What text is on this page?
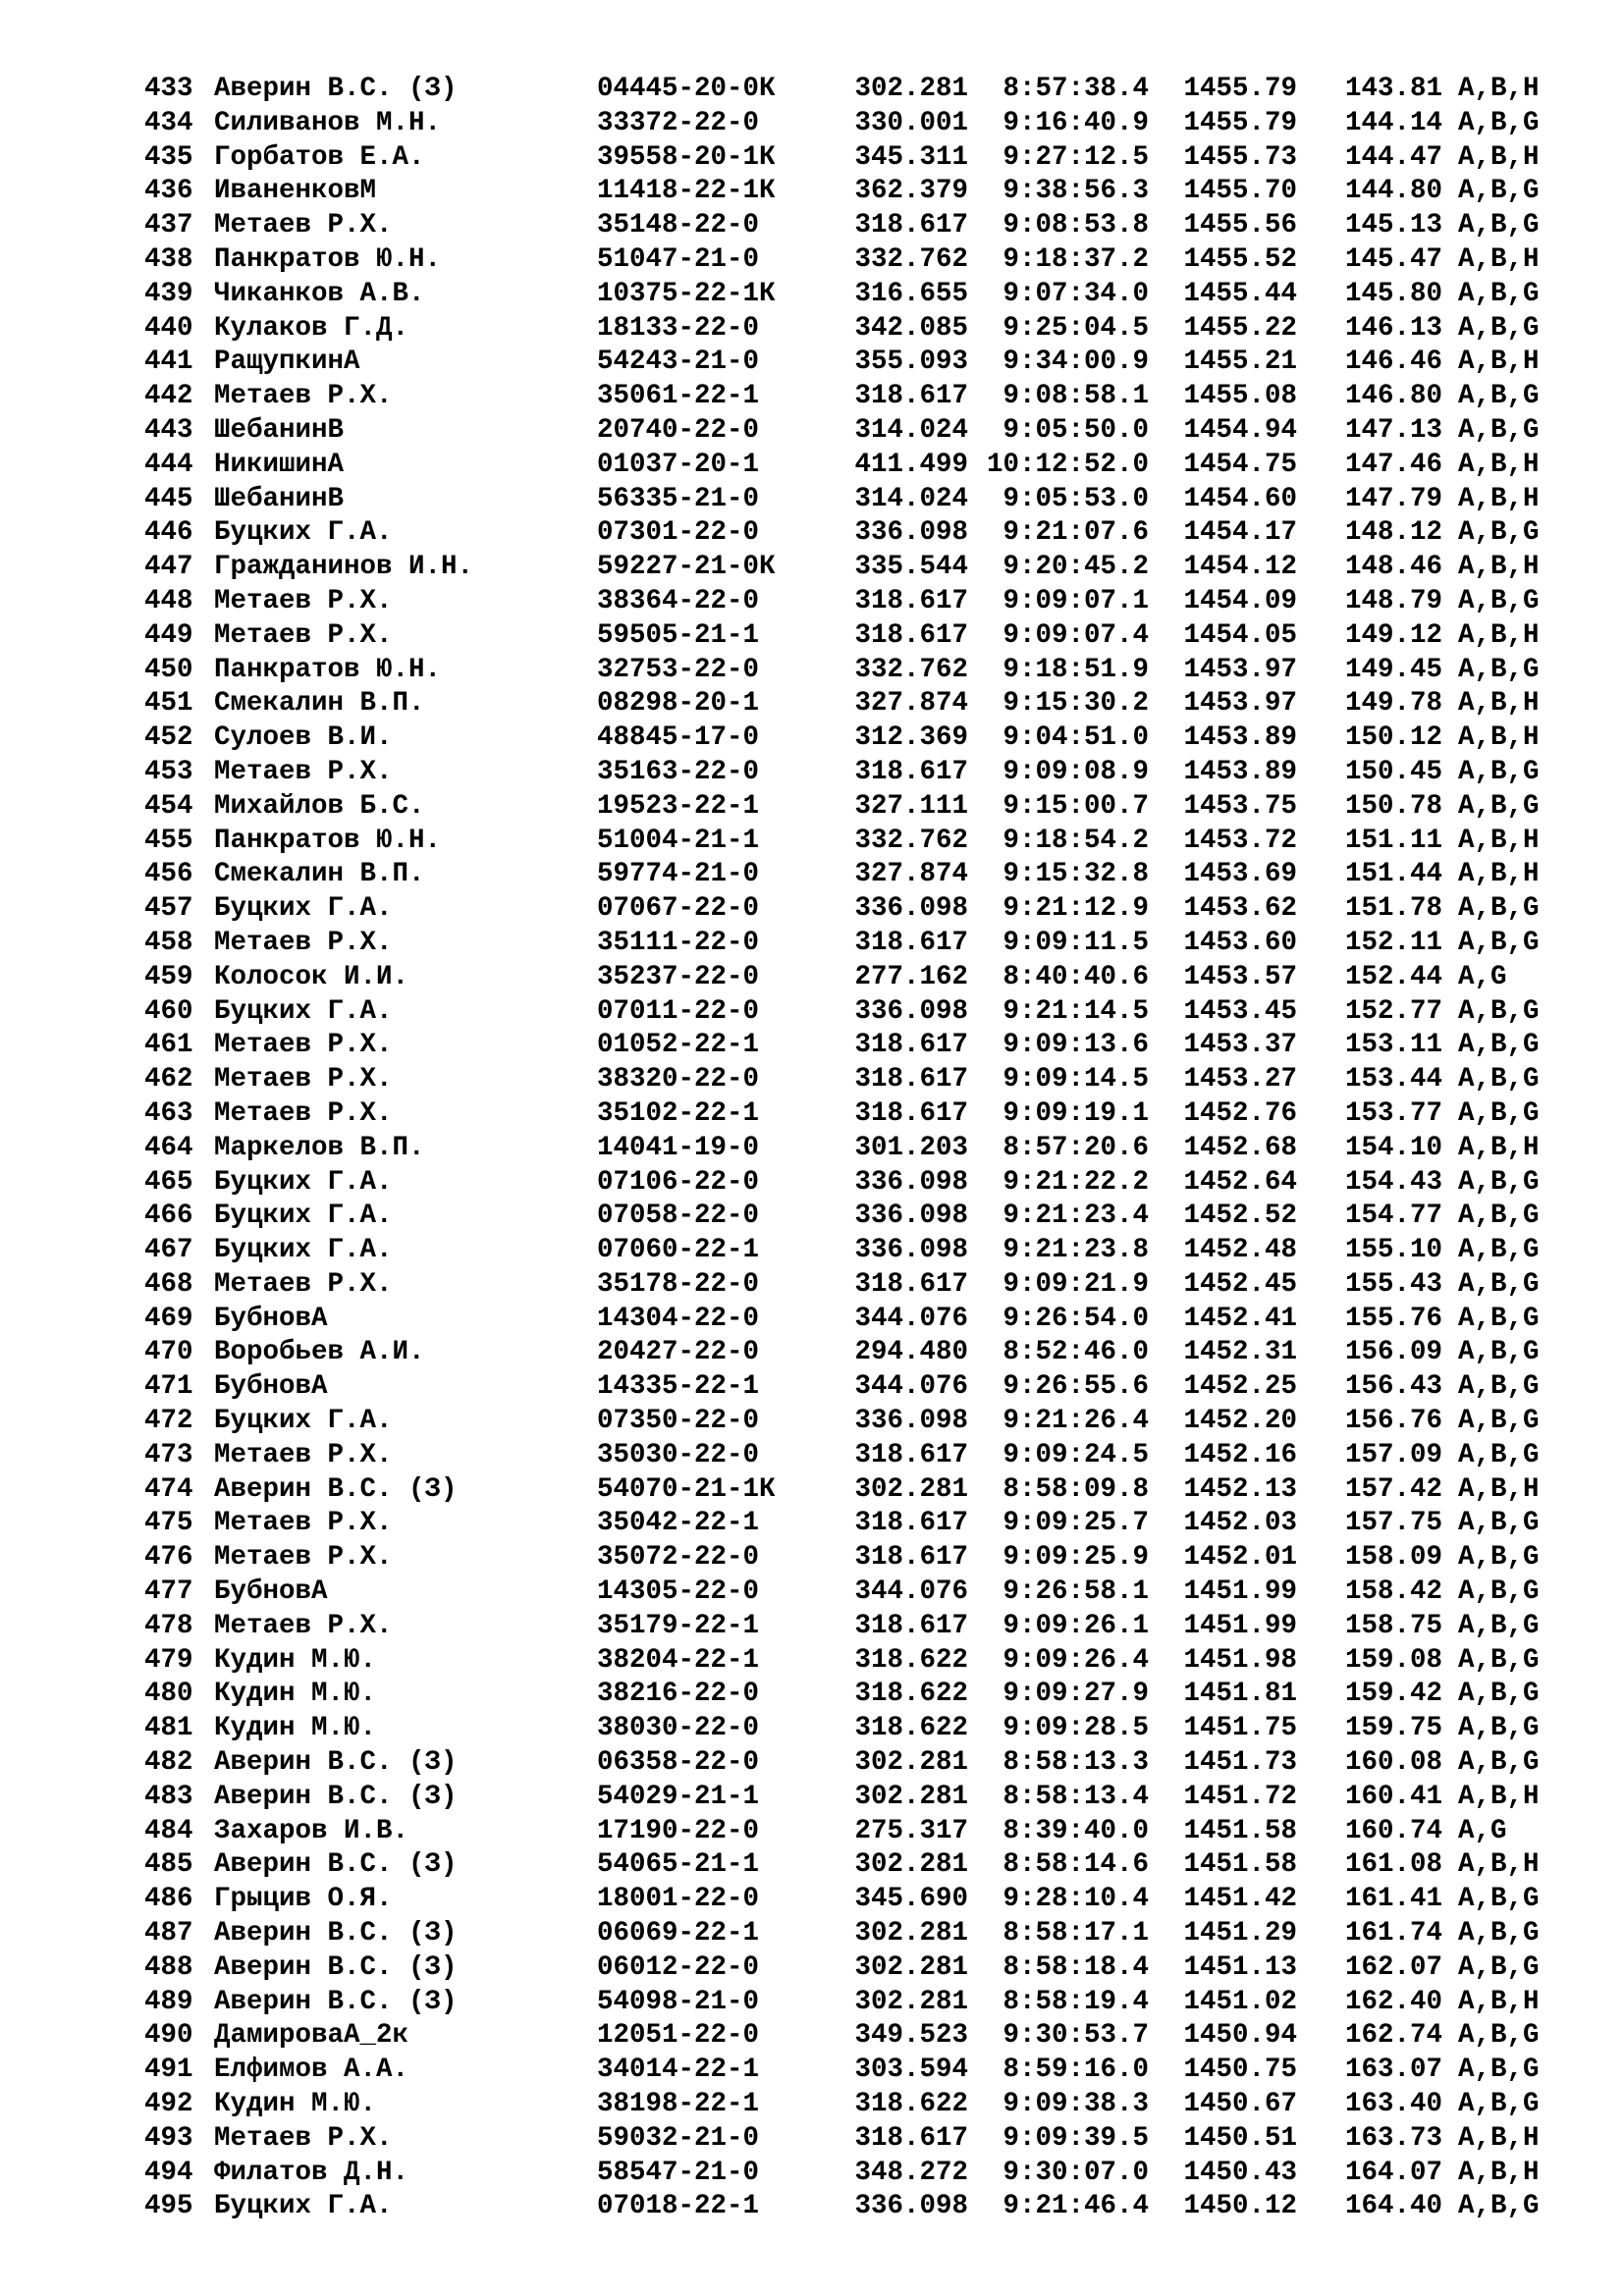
433 Аверин В.С. (З)	04445-20-0К	302.281 8:57:38.4 1455.79 143.81 A,B,H
434 Силиванов М.Н.	33372-22-0	330.001 9:16:40.9 1455.79 144.14 A,B,G
435 Горбатов Е.А.	39558-20-1К	345.311 9:27:12.5 1455.73 144.47 A,B,H
436 ИваненковМ	11418-22-1К	362.379 9:38:56.3 1455.70 144.80 A,B,G
437 Метаев Р.Х.	35148-22-0	318.617 9:08:53.8 1455.56 145.13 A,B,G
438 Панкратов Ю.Н.	51047-21-0	332.762 9:18:37.2 1455.52 145.47 A,B,H
439 Чиканков А.В.	10375-22-1К	316.655 9:07:34.0 1455.44 145.80 A,B,G
440 Кулаков Г.Д.	18133-22-0	342.085 9:25:04.5 1455.22 146.13 A,B,G
441 РащупкинА	54243-21-0	355.093 9:34:00.9 1455.21 146.46 A,B,H
442 Метаев Р.Х.	35061-22-1	318.617 9:08:58.1 1455.08 146.80 A,B,G
443 ШебанинВ	20740-22-0	314.024 9:05:50.0 1454.94 147.13 A,B,G
444 НикишинА	01037-20-1	411.499 10:12:52.0 1454.75 147.46 A,B,H
445 ШебанинВ	56335-21-0	314.024 9:05:53.0 1454.60 147.79 A,B,H
446 Буцких Г.А.	07301-22-0	336.098 9:21:07.6 1454.17 148.12 A,B,G
447 Гражданинов И.Н.	59227-21-0К	335.544 9:20:45.2 1454.12 148.46 A,B,H
448 Метаев Р.Х.	38364-22-0	318.617 9:09:07.1 1454.09 148.79 A,B,G
449 Метаев Р.Х.	59505-21-1	318.617 9:09:07.4 1454.05 149.12 A,B,H
450 Панкратов Ю.Н.	32753-22-0	332.762 9:18:51.9 1453.97 149.45 A,B,G
451 Смекалин В.П.	08298-20-1	327.874 9:15:30.2 1453.97 149.78 A,B,H
452 Сулоев В.И.	48845-17-0	312.369 9:04:51.0 1453.89 150.12 A,B,H
453 Метаев Р.Х.	35163-22-0	318.617 9:09:08.9 1453.89 150.45 A,B,G
454 Михайлов Б.С.	19523-22-1	327.111 9:15:00.7 1453.75 150.78 A,B,G
455 Панкратов Ю.Н.	51004-21-1	332.762 9:18:54.2 1453.72 151.11 A,B,H
456 Смекалин В.П.	59774-21-0	327.874 9:15:32.8 1453.69 151.44 A,B,H
457 Буцких Г.А.	07067-22-0	336.098 9:21:12.9 1453.62 151.78 A,B,G
458 Метаев Р.Х.	35111-22-0	318.617 9:09:11.5 1453.60 152.11 A,B,G
459 Колосок И.И.	35237-22-0	277.162 8:40:40.6 1453.57 152.44 A,G
460 Буцких Г.А.	07011-22-0	336.098 9:21:14.5 1453.45 152.77 A,B,G
461 Метаев Р.Х.	01052-22-1	318.617 9:09:13.6 1453.37 153.11 A,B,G
462 Метаев Р.Х.	38320-22-0	318.617 9:09:14.5 1453.27 153.44 A,B,G
463 Метаев Р.Х.	35102-22-1	318.617 9:09:19.1 1452.76 153.77 A,B,G
464 Маркелов В.П.	14041-19-0	301.203 8:57:20.6 1452.68 154.10 A,B,H
465 Буцких Г.А.	07106-22-0	336.098 9:21:22.2 1452.64 154.43 A,B,G
466 Буцких Г.А.	07058-22-0	336.098 9:21:23.4 1452.52 154.77 A,B,G
467 Буцких Г.А.	07060-22-1	336.098 9:21:23.8 1452.48 155.10 A,B,G
468 Метаев Р.Х.	35178-22-0	318.617 9:09:21.9 1452.45 155.43 A,B,G
469 БубновА	14304-22-0	344.076 9:26:54.0 1452.41 155.76 A,B,G
470 Воробьев А.И.	20427-22-0	294.480 8:52:46.0 1452.31 156.09 A,B,G
471 БубновА	14335-22-1	344.076 9:26:55.6 1452.25 156.43 A,B,G
472 Буцких Г.А.	07350-22-0	336.098 9:21:26.4 1452.20 156.76 A,B,G
473 Метаев Р.Х.	35030-22-0	318.617 9:09:24.5 1452.16 157.09 A,B,G
474 Аверин В.С. (З)	54070-21-1К	302.281 8:58:09.8 1452.13 157.42 A,B,H
475 Метаев Р.Х.	35042-22-1	318.617 9:09:25.7 1452.03 157.75 A,B,G
476 Метаев Р.Х.	35072-22-0	318.617 9:09:25.9 1452.01 158.09 A,B,G
477 БубновА	14305-22-0	344.076 9:26:58.1 1451.99 158.42 A,B,G
478 Метаев Р.Х.	35179-22-1	318.617 9:09:26.1 1451.99 158.75 A,B,G
479 Кудин М.Ю.	38204-22-1	318.622 9:09:26.4 1451.98 159.08 A,B,G
480 Кудин М.Ю.	38216-22-0	318.622 9:09:27.9 1451.81 159.42 A,B,G
481 Кудин М.Ю.	38030-22-0	318.622 9:09:28.5 1451.75 159.75 A,B,G
482 Аверин В.С. (З)	06358-22-0	302.281 8:58:13.3 1451.73 160.08 A,B,G
483 Аверин В.С. (З)	54029-21-1	302.281 8:58:13.4 1451.72 160.41 A,B,H
484 Захаров И.В.	17190-22-0	275.317 8:39:40.0 1451.58 160.74 A,G
485 Аверин В.С. (З)	54065-21-1	302.281 8:58:14.6 1451.58 161.08 A,B,H
486 Грыцив О.Я.	18001-22-0	345.690 9:28:10.4 1451.42 161.41 A,B,G
487 Аверин В.С. (З)	06069-22-1	302.281 8:58:17.1 1451.29 161.74 A,B,G
488 Аверин В.С. (З)	06012-22-0	302.281 8:58:18.4 1451.13 162.07 A,B,G
489 Аверин В.С. (З)	54098-21-0	302.281 8:58:19.4 1451.02 162.40 A,B,H
490 ДамироваА_2к	12051-22-0	349.523 9:30:53.7 1450.94 162.74 A,B,G
491 Елфимов А.А.	34014-22-1	303.594 8:59:16.0 1450.75 163.07 A,B,G
492 Кудин М.Ю.	38198-22-1	318.622 9:09:38.3 1450.67 163.40 A,B,G
493 Метаев Р.Х.	59032-21-0	318.617 9:09:39.5 1450.51 163.73 A,B,H
494 Филатов Д.Н.	58547-21-0	348.272 9:30:07.0 1450.43 164.07 A,B,H
495 Буцких Г.А.	07018-22-1	336.098 9:21:46.4 1450.12 164.40 A,B,G
